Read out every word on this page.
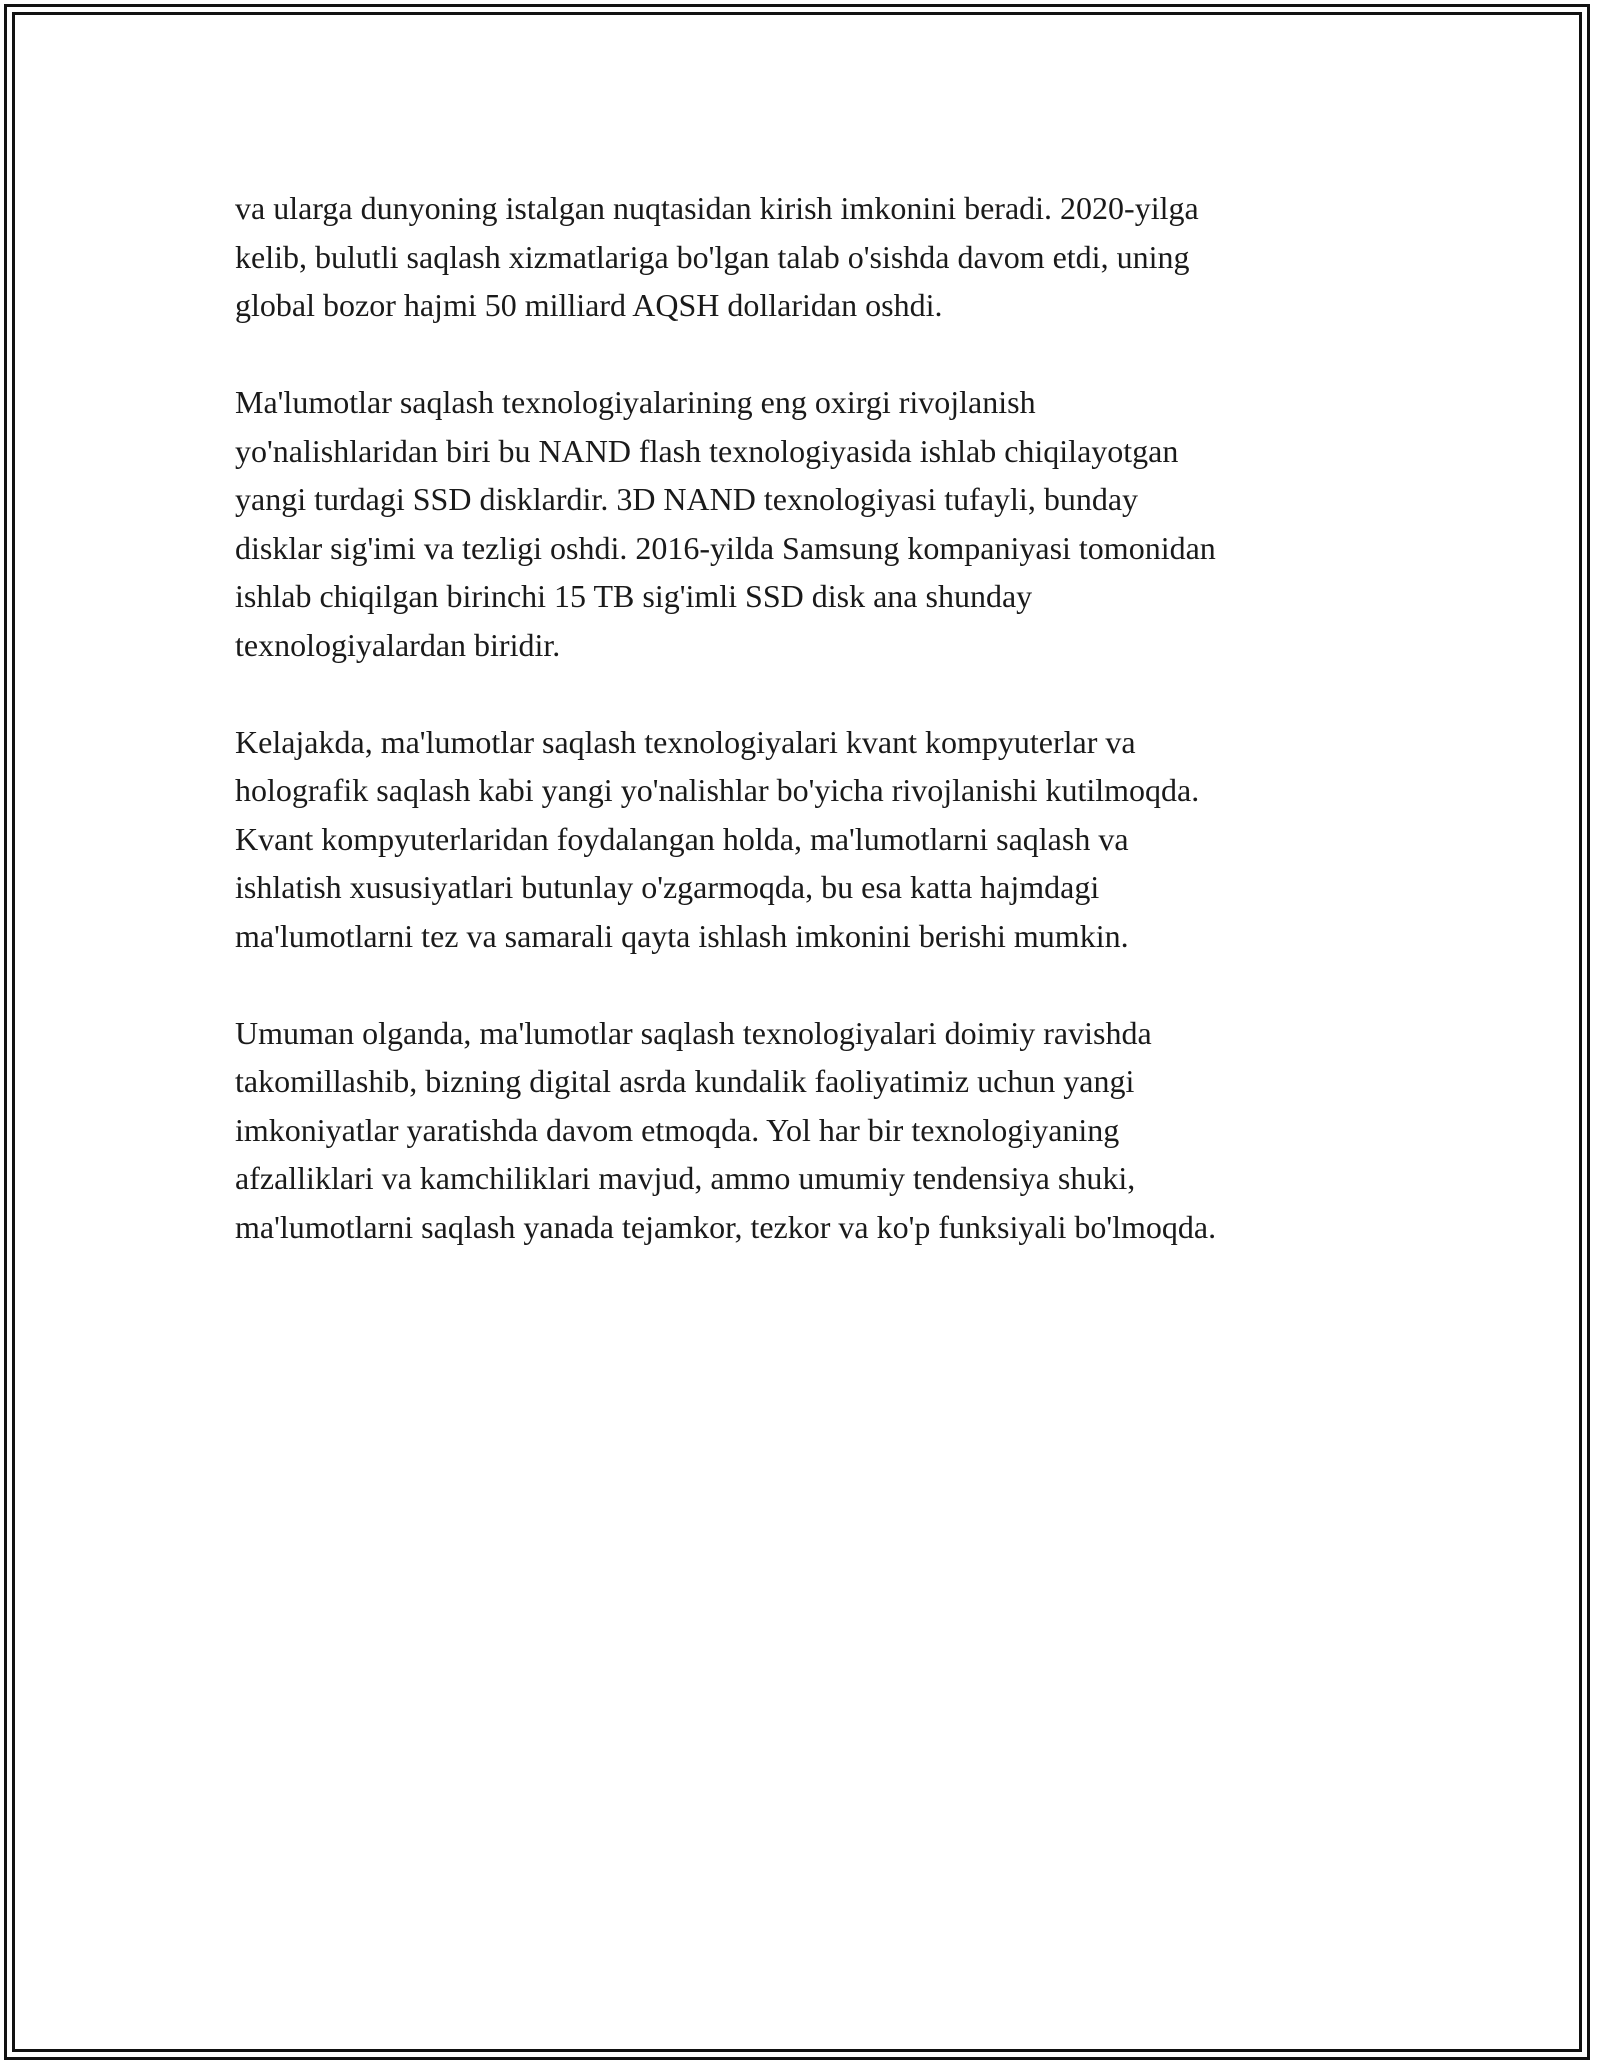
va ularga dunyoning istalgan nuqtasidan kirish imkonini beradi. 2020-yilga
kelib, bulutli saqlash xizmatlariga bo'lgan talab o'sishda davom etdi, uning
global bozor hajmi 50 milliard AQSH dollaridan oshdi.

Ma'lumotlar saqlash texnologiyalarining eng oxirgi rivojlanish
yo'nalishlaridan biri bu NAND flash texnologiyasida ishlab chiqilayotgan
yangi turdagi SSD disklardir. 3D NAND texnologiyasi tufayli, bunday
disklar sig'imi va tezligi oshdi. 2016-yilda Samsung kompaniyasi tomonidan
ishlab chiqilgan birinchi 15 TB sig'imli SSD disk ana shunday
texnologiyalardan biridir.

Kelajakda, ma'lumotlar saqlash texnologiyalari kvant kompyuterlar va
holografik saqlash kabi yangi yo'nalishlar bo'yicha rivojlanishi kutilmoqda.
Kvant kompyuterlaridan foydalangan holda, ma'lumotlarni saqlash va
ishlatish xususiyatlari butunlay o'zgarmoqda, bu esa katta hajmdagi
ma'lumotlarni tez va samarali qayta ishlash imkonini berishi mumkin.

Umuman olganda, ma'lumotlar saqlash texnologiyalari doimiy ravishda
takomillashib, bizning digital asrda kundalik faoliyatimiz uchun yangi
imkoniyatlar yaratishda davom etmoqda. Yol har bir texnologiyaning
afzalliklari va kamchiliklari mavjud, ammo umumiy tendensiya shuki,
ma'lumotlarni saqlash yanada tejamkor, tezkor va ko'p funksiyali bo'lmoqda.
